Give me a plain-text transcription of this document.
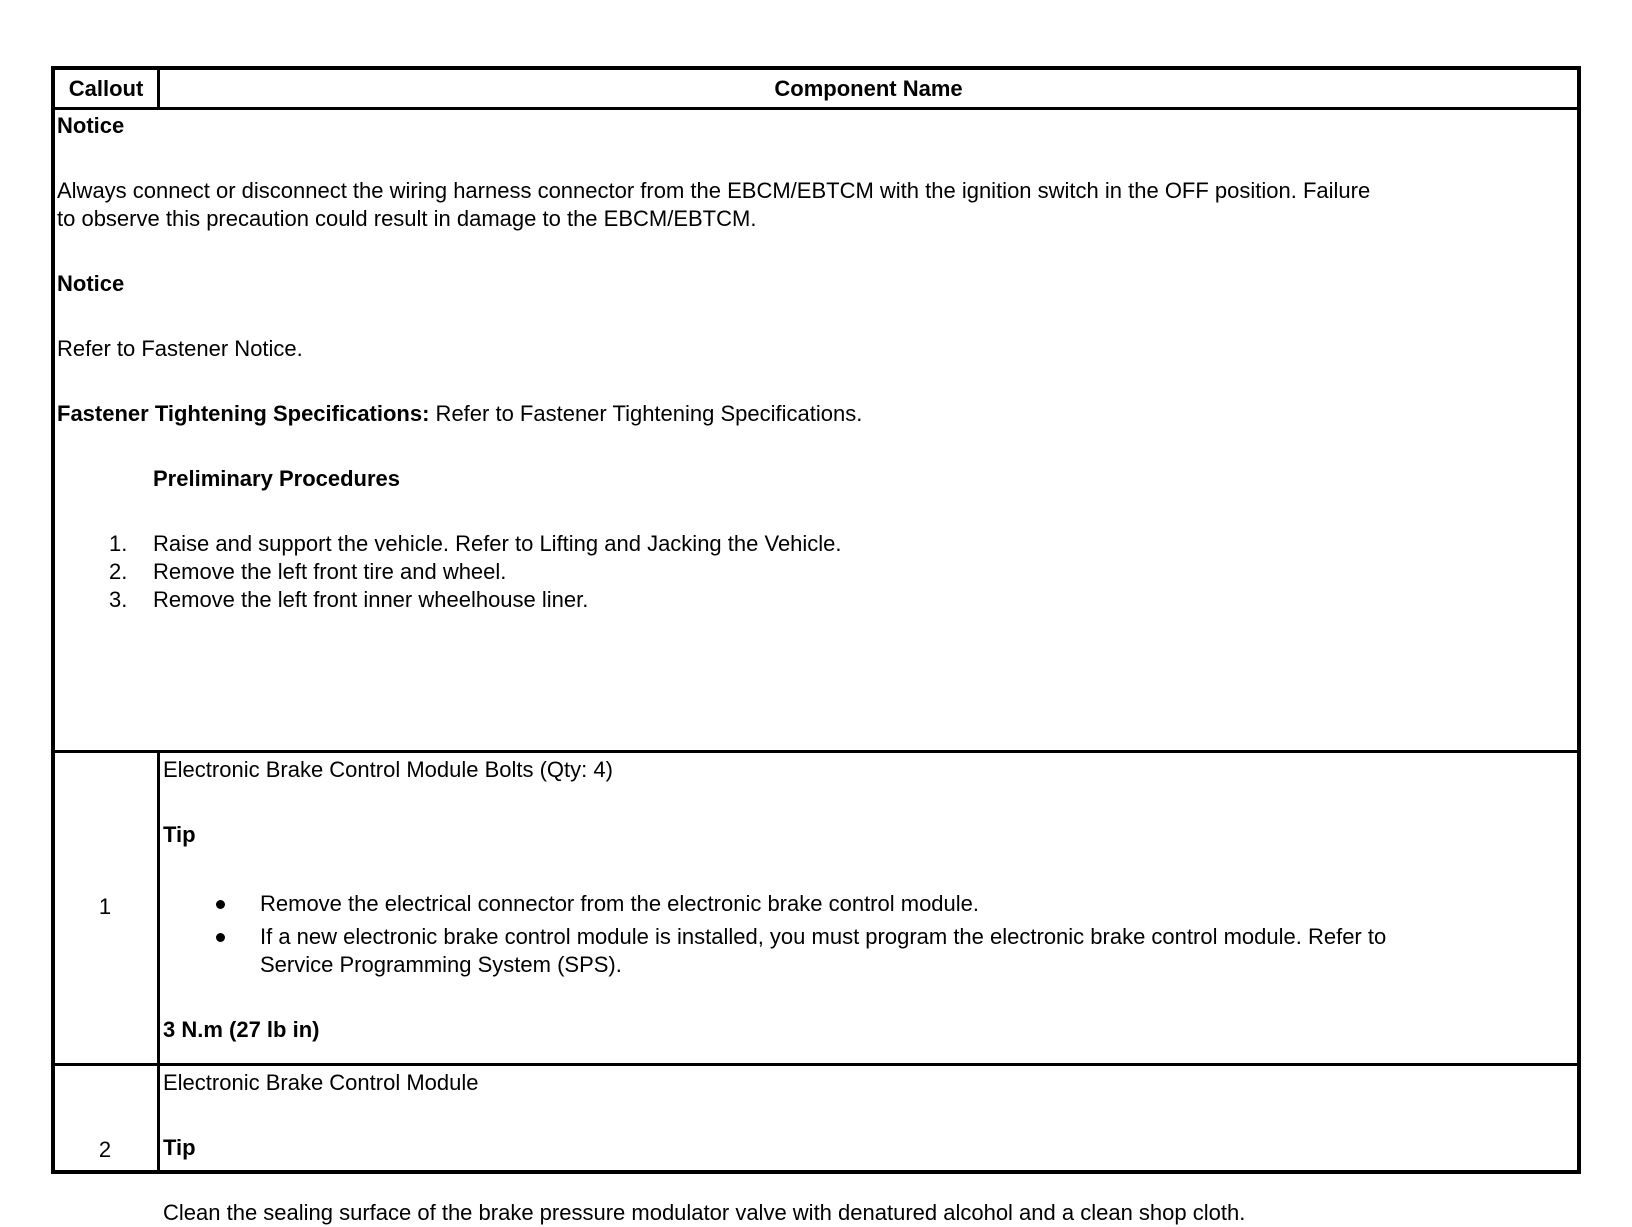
Callout	Component Name
Notice
Always connect or disconnect the wiring harness connector from the EBCM/EBTCM with the ignition switch in the OFF position. Failure
to observe this precaution could result in damage to the EBCM/EBTCM.
Notice
Refer to Fastener Notice.
Fastener Tightening Specifications: Refer to Fastener Tightening Specifications.
Preliminary Procedures
1. Raise and support the vehicle. Refer to Lifting and Jacking the Vehicle.
2. Remove the left front tire and wheel.
3. Remove the left front inner wheelhouse liner.
1
Electronic Brake Control Module Bolts (Qty: 4)
Tip
Remove the electrical connector from the electronic brake control module.
If a new electronic brake control module is installed, you must program the electronic brake control module. Refer to
Service Programming System (SPS).
3 N.m (27 lb in)
2
Electronic Brake Control Module
Tip
Clean the sealing surface of the brake pressure modulator valve with denatured alcohol and a clean shop cloth.
